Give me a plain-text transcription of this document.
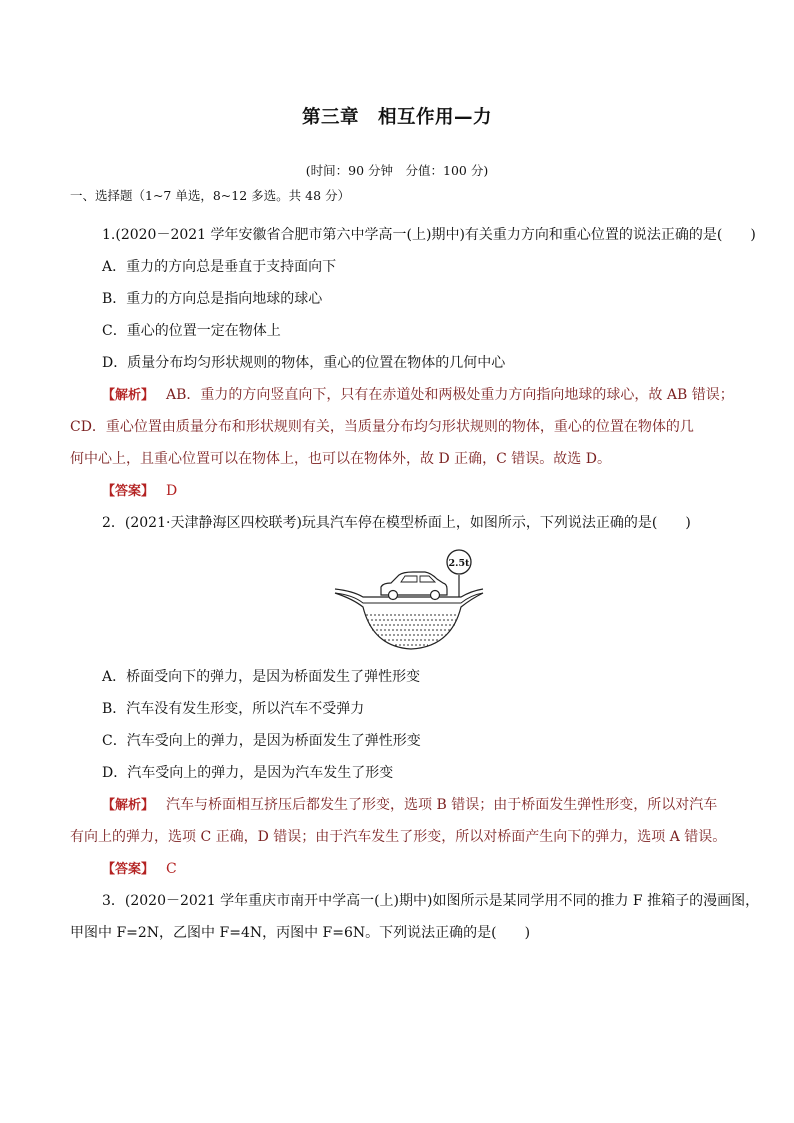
第三章　相互作用—力
(时间：90 分钟　分值：100 分)
一、选择题（1~7 单选，8~12 多选。共 48 分）
1.(2020－2021 学年安徽省合肥市第六中学高一(上)期中)有关重力方向和重心位置的说法正确的是(　　)
A．重力的方向总是垂直于支持面向下
B．重力的方向总是指向地球的球心
C．重心的位置一定在物体上
D．质量分布均匀形状规则的物体，重心的位置在物体的几何中心
【解析】 AB．重力的方向竖直向下，只有在赤道处和两极处重力方向指向地球的球心，故 AB 错误；
CD．重心位置由质量分布和形状规则有关，当质量分布均匀形状规则的物体，重心的位置在物体的几
何中心上，且重心位置可以在物体上，也可以在物体外，故 D 正确，C 错误。故选 D。
【答案】 D
2．(2021·天津静海区四校联考)玩具汽车停在模型桥面上，如图所示，下列说法正确的是(　　)
2.5t
A．桥面受向下的弹力，是因为桥面发生了弹性形变
B．汽车没有发生形变，所以汽车不受弹力
C．汽车受向上的弹力，是因为桥面发生了弹性形变
D．汽车受向上的弹力，是因为汽车发生了形变
【解析】 汽车与桥面相互挤压后都发生了形变，选项 B 错误；由于桥面发生弹性形变，所以对汽车
有向上的弹力，选项 C 正确，D 错误；由于汽车发生了形变，所以对桥面产生向下的弹力，选项 A 错误。
【答案】 C
3．(2020－2021 学年重庆市南开中学高一(上)期中)如图所示是某同学用不同的推力 F 推箱子的漫画图，
甲图中 F=2N，乙图中 F=4N，丙图中 F=6N。下列说法正确的是(　　)
